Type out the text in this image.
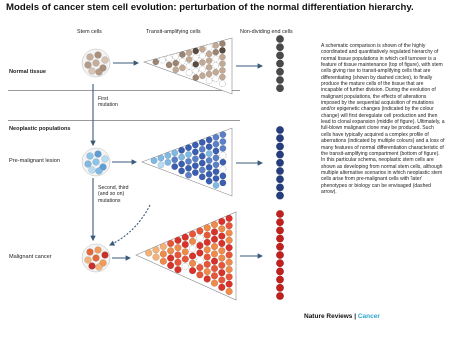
Models of cancer stem cell evolution: perturbation of the normal differentiation hierarchy.
Stem cells	Transit-amplifying cells	Non-dividing end cells
Normal tissue
Neoplastic populations
Pre-malignant lesion
Malignant cancer
First
mutation
Second, third
(and so on)
mutations
A schematic comparison is shown of the highly coordinated and quantitatively regulated hierarchy of normal tissue populations in which cell turnover is a feature of tissue maintenance (top of figure), with stem cells giving rise to transit-amplifying cells that are differentiating (shown by dashed circles), to finally produce the mature cells of the tissue that are incapable of further division. During the evolution of malignant populations, the effects of alterations imposed by the sequential acquisition of mutations and/or epigenetic changes (indicated by the colour change) will first deregulate cell production and then lead to clonal expansion (middle of figure). Ultimately, a full-blown malignant clone may be produced. Such cells have typically acquired a complex profile of aberrations (indicated by multiple colours) and a loss of many features of normal differentiation characteristic of the transit-amplifying compartment (bottom of figure). In this particular schema, neoplastic stem cells are shown as developing from normal stem cells, although multiple alternative scenarios in which neoplastic stem cells arise from pre-malignant cells with 'later' phenotypes or biology can be envisaged (dashed arrow).
Nature Reviews | Cancer
